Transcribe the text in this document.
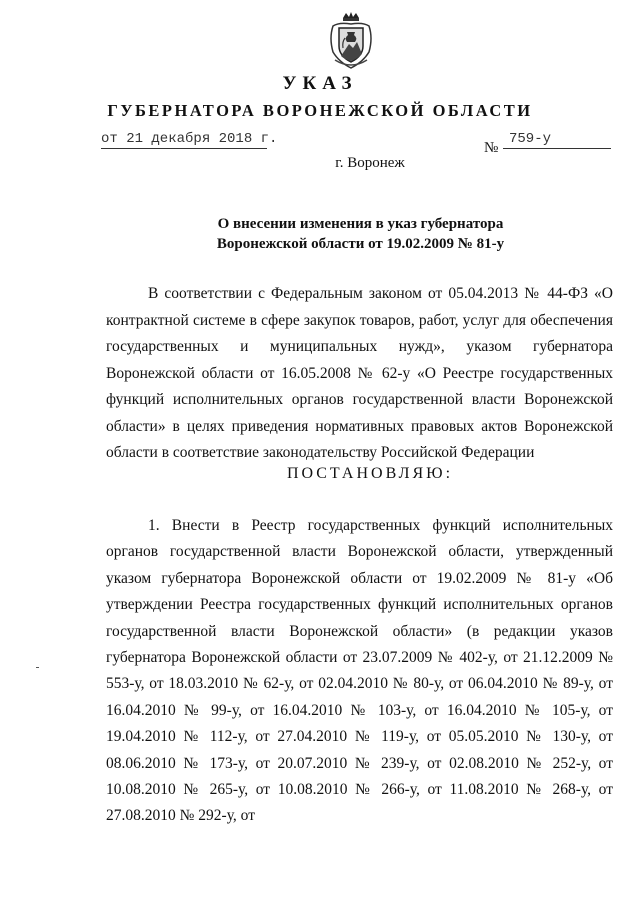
УКАЗ
ГУБЕРНАТОРА ВОРОНЕЖСКОЙ ОБЛАСТИ
от 21 декабря 2018 г.
№
759-у
г. Воронеж
О внесении изменения в указ губернатора
Воронежской области от 19.02.2009 № 81-у

В соответствии с Федеральным законом от 05.04.2013 № 44-ФЗ «О контрактной системе в сфере закупок товаров, работ, услуг для обеспечения государственных и муниципальных нужд», указом губернатора Воронежской области от 16.05.2008 № 62-у «О Реестре государственных функций исполнительных органов государственной власти Воронежской области» в целях приведения нормативных правовых актов Воронежской области в соответствие законодательству Российской Федерации

ПОСТАНОВЛЯЮ:

1. Внести в Реестр государственных функций исполнительных органов государственной власти Воронежской области, утвержденный указом губернатора Воронежской области от 19.02.2009 № 81-у «Об утверждении Реестра государственных функций исполнительных органов государственной власти Воронежской области» (в редакции указов губернатора Воронежской области от 23.07.2009 № 402-у, от 21.12.2009 № 553-у, от 18.03.2010 № 62-у, от 02.04.2010 № 80-у, от 06.04.2010 № 89-у, от 16.04.2010 № 99-у, от 16.04.2010 № 103-у, от 16.04.2010 № 105-у, от 19.04.2010 № 112-у, от 27.04.2010 № 119-у, от 05.05.2010 № 130-у, от 08.06.2010 № 173-у, от 20.07.2010 № 239-у, от 02.08.2010 № 252-у, от 10.08.2010 № 265-у, от 10.08.2010 № 266-у, от 11.08.2010 № 268-у, от 27.08.2010 № 292-у, от
